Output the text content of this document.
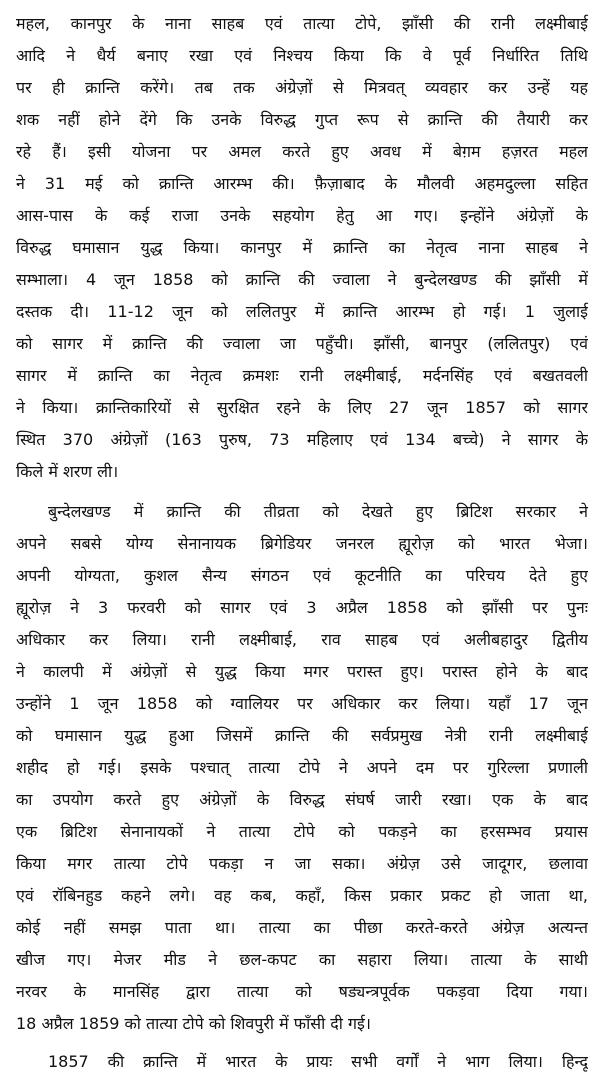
महल, कानपुर के नाना साहब एवं तात्या टोपे, झाँसी की रानी लक्ष्मीबाई
आदि ने धैर्य बनाए रखा एवं निश्चय किया कि वे पूर्व निर्धारित तिथि
पर ही क्रान्ति करेंगे। तब तक अंग्रेज़ों से मित्रवत् व्यवहार कर उन्हें यह
शक नहीं होने देंगे कि उनके विरुद्ध गुप्त रूप से क्रान्ति की तैयारी कर
रहे हैं। इसी योजना पर अमल करते हुए अवध में बेग़म हज़रत महल
ने 31 मई को क्रान्ति आरम्भ की। फ़ैज़ाबाद के मौलवी अहमदुल्ला सहित
आस-पास के कई राजा उनके सहयोग हेतु आ गए। इन्होंने अंग्रेज़ों के
विरुद्ध घमासान युद्ध किया। कानपुर में क्रान्ति का नेतृत्व नाना साहब ने
सम्भाला। 4 जून 1858 को क्रान्ति की ज्वाला ने बुन्देलखण्ड की झाँसी में
दस्तक दी। 11-12 जून को ललितपुर में क्रान्ति आरम्भ हो गई। 1 जुलाई
को सागर में क्रान्ति की ज्वाला जा पहुँची। झाँसी, बानपुर (ललितपुर) एवं
सागर में क्रान्ति का नेतृत्व क्रमशः रानी लक्ष्मीबाई, मर्दनसिंह एवं बखतवली
ने किया। क्रान्तिकारियों से सुरक्षित रहने के लिए 27 जून 1857 को सागर
स्थित 370 अंग्रेज़ों (163 पुरुष, 73 महिलाए एवं 134 बच्चे) ने सागर के
किले में शरण ली।
बुन्देलखण्ड में क्रान्ति की तीव्रता को देखते हुए ब्रिटिश सरकार ने
अपने सबसे योग्य सेनानायक ब्रिगेडियर जनरल ह्यूरोज़ को भारत भेजा।
अपनी योग्यता, कुशल सैन्य संगठन एवं कूटनीति का परिचय देते हुए
ह्यूरोज़ ने 3 फरवरी को सागर एवं 3 अप्रैल 1858 को झाँसी पर पुनः
अधिकार कर लिया। रानी लक्ष्मीबाई, राव साहब एवं अलीबहादुर द्वितीय
ने कालपी में अंग्रेज़ों से युद्ध किया मगर परास्त हुए। परास्त होने के बाद
उन्होंने 1 जून 1858 को ग्वालियर पर अधिकार कर लिया। यहाँ 17 जून
को घमासान युद्ध हुआ जिसमें क्रान्ति की सर्वप्रमुख नेत्री रानी लक्ष्मीबाई
शहीद हो गई। इसके पश्चात् तात्या टोपे ने अपने दम पर गुरिल्ला प्रणाली
का उपयोग करते हुए अंग्रेज़ों के विरुद्ध संघर्ष जारी रखा। एक के बाद
एक ब्रिटिश सेनानायकों ने तात्या टोपे को पकड़ने का हरसम्भव प्रयास
किया मगर तात्या टोपे पकड़ा न जा सका। अंग्रेज़ उसे जादूगर, छलावा
एवं रॉबिनहुड कहने लगे। वह कब, कहाँ, किस प्रकार प्रकट हो जाता था,
कोई नहीं समझ पाता था। तात्या का पीछा करते-करते अंग्रेज़ अत्यन्त
खीज गए। मेजर मीड ने छल-कपट का सहारा लिया। तात्या के साथी
नरवर के मानसिंह द्वारा तात्या को षड्यन्त्रपूर्वक पकड़वा दिया गया।
18 अप्रैल 1859 को तात्या टोपे को शिवपुरी में फाँसी दी गई।
1857 की क्रान्ति में भारत के प्रायः सभी वर्गों ने भाग लिया। हिन्दू
